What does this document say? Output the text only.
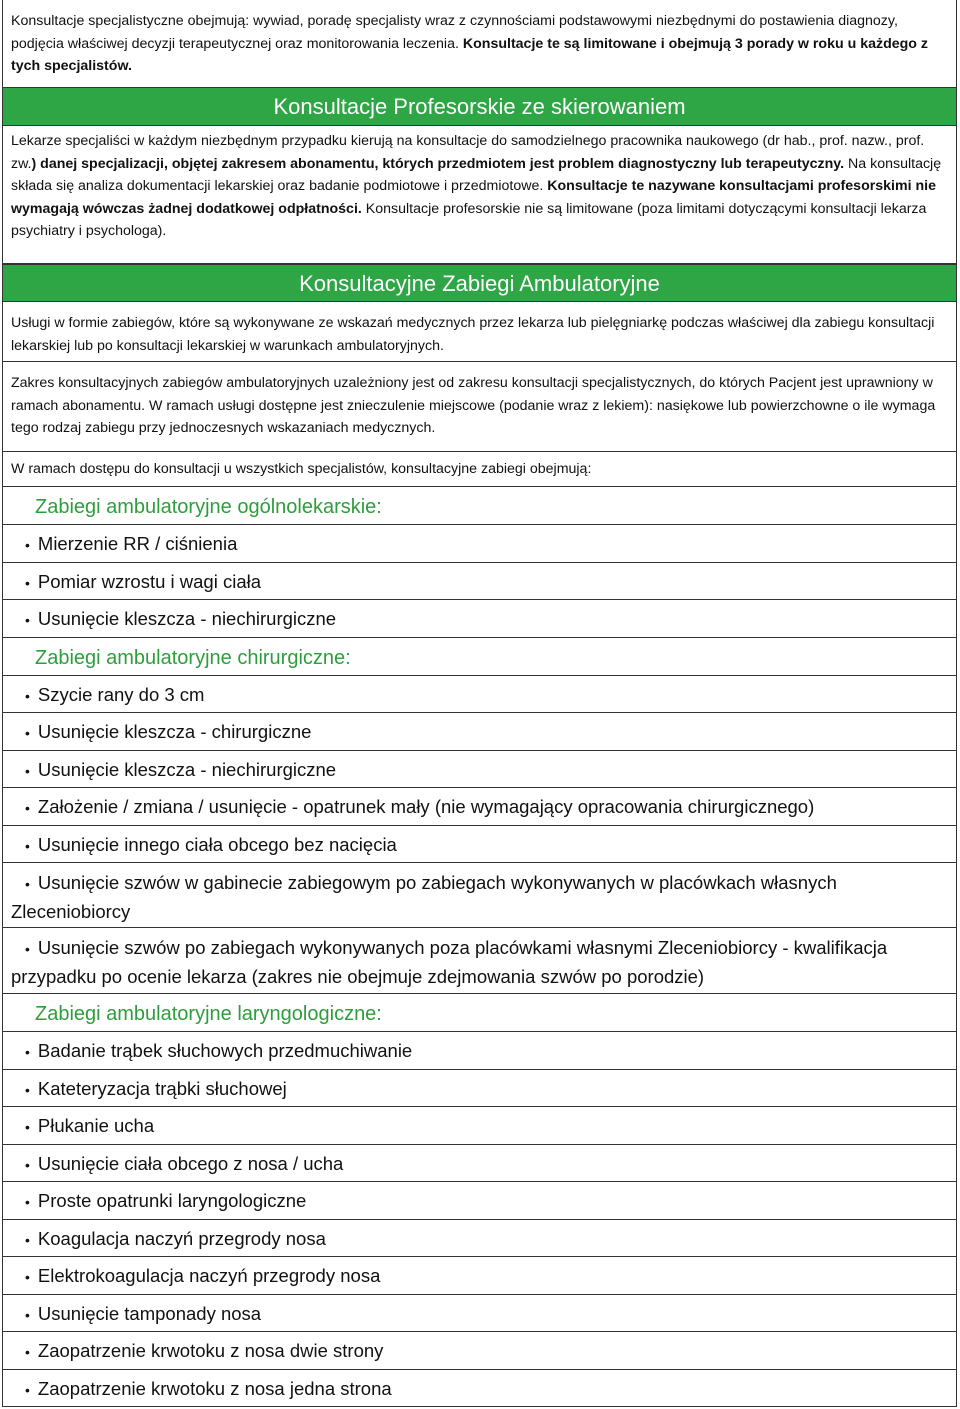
Konsultacje specjalistyczne obejmują: wywiad, poradę specjalisty wraz z czynnościami podstawowymi niezbędnymi do postawienia diagnozy, podjęcia właściwej decyzji terapeutycznej oraz monitorowania leczenia. Konsultacje te są limitowane i obejmują 3 porady w roku u każdego z tych specjalistów.
Konsultacje Profesorskie ze skierowaniem
Lekarze specjaliści w każdym niezbędnym przypadku kierują na konsultacje do samodzielnego pracownika naukowego (dr hab., prof. nazw., prof. zw.) danej specjalizacji, objętej zakresem abonamentu, których przedmiotem jest problem diagnostyczny lub terapeutyczny. Na konsultację składa się analiza dokumentacji lekarskiej oraz badanie podmiotowe i przedmiotowe. Konsultacje te nazywane konsultacjami profesorskimi nie wymagają wówczas żadnej dodatkowej odpłatności. Konsultacje profesorskie nie są limitowane (poza limitami dotyczącymi konsultacji lekarza psychiatry i psychologa).
Konsultacyjne Zabiegi Ambulatoryjne
Usługi w formie zabiegów, które są wykonywane ze wskazań medycznych przez lekarza lub pielęgniarkę podczas właściwej dla zabiegu konsultacji lekarskiej lub po konsultacji lekarskiej w warunkach ambulatoryjnych.
Zakres konsultacyjnych zabiegów ambulatoryjnych uzależniony jest od zakresu konsultacji specjalistycznych, do których Pacjent jest uprawniony w ramach abonamentu. W ramach usługi dostępne jest znieczulenie miejscowe (podanie wraz z lekiem): nasiękowe lub powierzchowne o ile wymaga tego rodzaj zabiegu przy jednoczesnych wskazaniach medycznych.
W ramach dostępu do konsultacji u wszystkich specjalistów, konsultacyjne zabiegi obejmują:
Zabiegi ambulatoryjne ogólnolekarskie:
• Mierzenie RR / ciśnienia
• Pomiar wzrostu i wagi ciała
• Usunięcie kleszcza - niechirurgiczne
Zabiegi ambulatoryjne chirurgiczne:
• Szycie rany do 3 cm
• Usunięcie kleszcza - chirurgiczne
• Usunięcie kleszcza - niechirurgiczne
• Założenie / zmiana / usunięcie - opatrunek mały (nie wymagający opracowania chirurgicznego)
• Usunięcie innego ciała obcego bez nacięcia
• Usunięcie szwów w gabinecie zabiegowym po zabiegach wykonywanych w placówkach własnych Zleceniobiorcy
• Usunięcie szwów po zabiegach wykonywanych poza placówkami własnymi Zleceniobiorcy - kwalifikacja przypadku po ocenie lekarza (zakres nie obejmuje zdejmowania szwów po porodzie)
Zabiegi ambulatoryjne laryngologiczne:
• Badanie trąbek słuchowych przedmuchiwanie
• Kateteryzacja trąbki słuchowej
• Płukanie ucha
• Usunięcie ciała obcego z nosa / ucha
• Proste opatrunki laryngologiczne
• Koagulacja naczyń przegrody nosa
• Elektrokoagulacja naczyń przegrody nosa
• Usunięcie tamponady nosa
• Zaopatrzenie krwotoku z nosa dwie strony
• Zaopatrzenie krwotoku z nosa jedna strona
